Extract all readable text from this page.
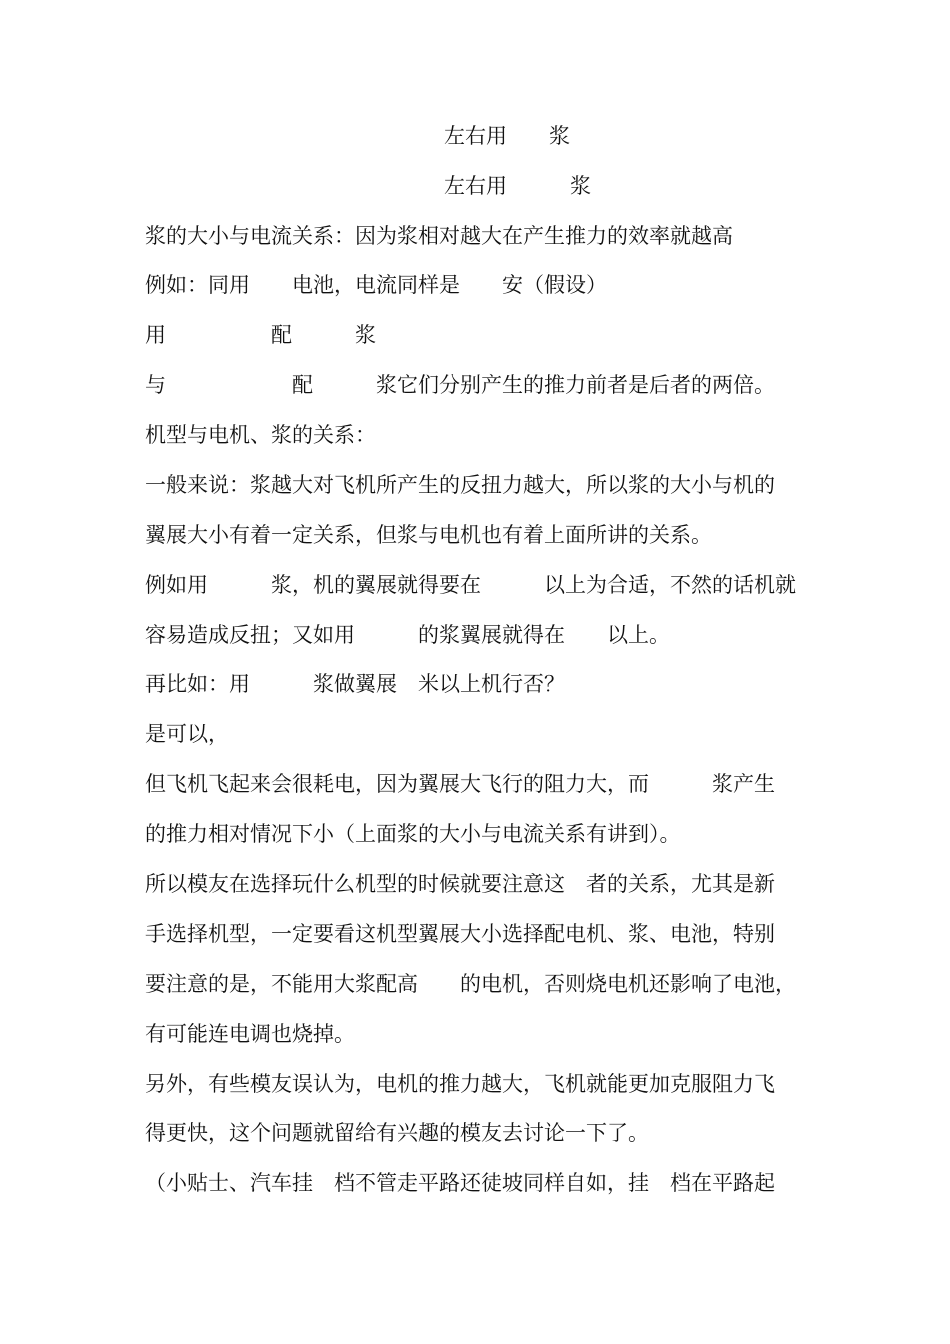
左右用　　浆
左右用　　　浆
浆的大小与电流关系：因为浆相对越大在产生推力的效率就越高
例如：同用　　电池，电流同样是　　安（假设）
用　　　　　配　　　浆
与　　　　　　配　　　浆它们分别产生的推力前者是后者的两倍。
机型与电机、浆的关系：
一般来说：浆越大对飞机所产生的反扭力越大，所以浆的大小与机的
翼展大小有着一定关系，但浆与电机也有着上面所讲的关系。
例如用　　　浆，机的翼展就得要在　　　以上为合适，不然的话机就
容易造成反扭；又如用　　　的浆翼展就得在　　以上。
再比如：用　　　浆做翼展　米以上机行否？
是可以，
但飞机飞起来会很耗电，因为翼展大飞行的阻力大，而　　　浆产生
的推力相对情况下小（上面浆的大小与电流关系有讲到）。
所以模友在选择玩什么机型的时候就要注意这　者的关系，尤其是新
手选择机型，一定要看这机型翼展大小选择配电机、浆、电池，特别
要注意的是，不能用大浆配高　　的电机，否则烧电机还影响了电池，
有可能连电调也烧掉。
另外，有些模友误认为，电机的推力越大，飞机就能更加克服阻力飞
得更快，这个问题就留给有兴趣的模友去讨论一下了。
（小贴士、汽车挂　档不管走平路还徒坡同样自如，挂　档在平路起
